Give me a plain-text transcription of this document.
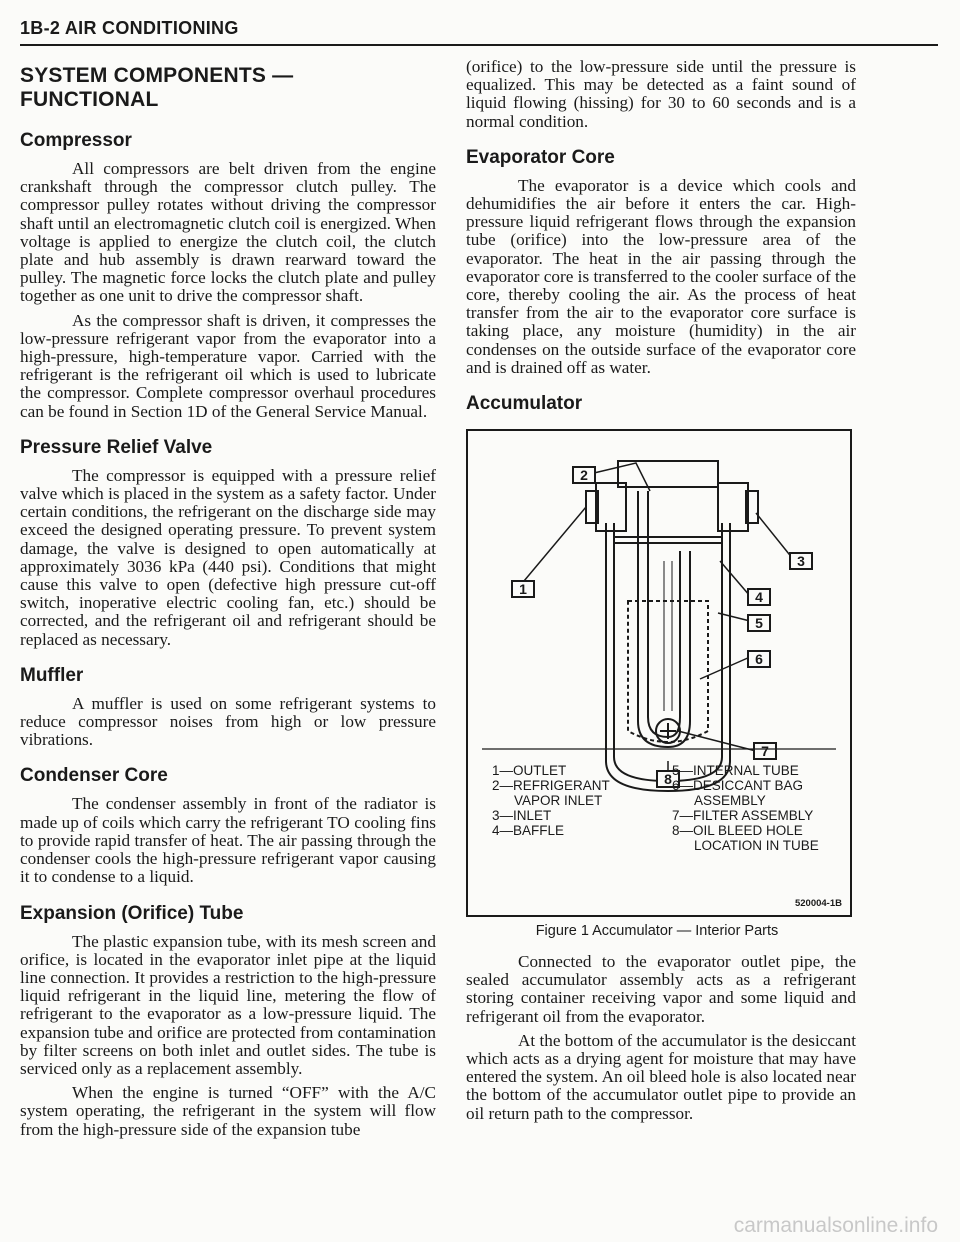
1B-2 AIR CONDITIONING
SYSTEM COMPONENTS — FUNCTIONAL
Compressor

All compressors are belt driven from the engine crankshaft through the compressor clutch pulley. The compressor pulley rotates without driving the compressor shaft until an electromagnetic clutch coil is energized. When voltage is applied to energize the clutch coil, the clutch plate and hub assembly is drawn rearward toward the pulley. The magnetic force locks the clutch plate and pulley together as one unit to drive the compressor shaft.

As the compressor shaft is driven, it compresses the low-pressure refrigerant vapor from the evaporator into a high-pressure, high-temperature vapor. Carried with the refrigerant is the refrigerant oil which is used to lubricate the compressor. Complete compressor overhaul procedures can be found in Section 1D of the General Service Manual.

Pressure Relief Valve

The compressor is equipped with a pressure relief valve which is placed in the system as a safety factor. Under certain conditions, the refrigerant on the discharge side may exceed the designed operating pressure. To prevent system damage, the valve is designed to open automatically at approximately 3036 kPa (440 psi). Conditions that might cause this valve to open (defective high pressure cut-off switch, inoperative electric cooling fan, etc.) should be corrected, and the refrigerant oil and refrigerant should be replaced as necessary.

Muffler

A muffler is used on some refrigerant systems to reduce compressor noises from high or low pressure vibrations.

Condenser Core

The condenser assembly in front of the radiator is made up of coils which carry the refrigerant TO cooling fins to provide rapid transfer of heat. The air passing through the condenser cools the high-pressure refrigerant vapor causing it to condense to a liquid.

Expansion (Orifice) Tube

The plastic expansion tube, with its mesh screen and orifice, is located in the evaporator inlet pipe at the liquid line connection. It provides a restriction to the high-pressure liquid refrigerant in the liquid line, metering the flow of refrigerant to the evaporator as a low-pressure liquid. The expansion tube and orifice are protected from contamination by filter screens on both inlet and outlet sides. The tube is serviced only as a replacement assembly.

When the engine is turned “OFF” with the A/C system operating, the refrigerant in the system will flow from the high-pressure side of the expansion tube

(orifice) to the low-pressure side until the pressure is equalized. This may be detected as a faint sound of liquid flowing (hissing) for 30 to 60 seconds and is a normal condition.

Evaporator Core

The evaporator is a device which cools and dehumidifies the air before it enters the car. High-pressure liquid refrigerant flows through the expansion tube (orifice) into the low-pressure area of the evaporator. The heat in the air passing through the evaporator core is transferred to the cooler surface of the core, thereby cooling the air. As the process of heat transfer from the air to the evaporator core surface is taking place, any moisture (humidity) in the air condenses on the outside surface of the evaporator core and is drained off as water.

Accumulator
2
1
3
4
5
6
7
8
1—OUTLET
2—REFRIGERANT
VAPOR INLET
3—INLET
4—BAFFLE
5—INTERNAL TUBE
6—DESICCANT BAG
ASSEMBLY
7—FILTER ASSEMBLY
8—OIL BLEED HOLE
LOCATION IN TUBE
520004-1B
Figure 1 Accumulator — Interior Parts

Connected to the evaporator outlet pipe, the sealed accumulator assembly acts as a refrigerant storing container receiving vapor and some liquid and refrigerant oil from the evaporator.

At the bottom of the accumulator is the desiccant which acts as a drying agent for moisture that may have entered the system. An oil bleed hole is also located near the bottom of the accumulator outlet pipe to provide an oil return path to the compressor.

carmanualsonline.info
